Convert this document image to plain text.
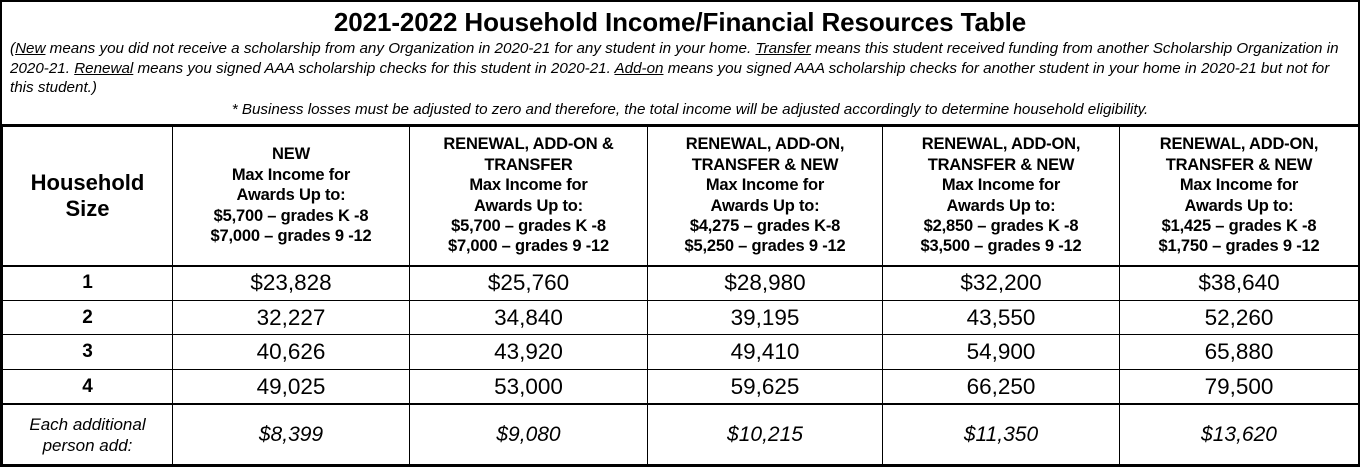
2021-2022 Household Income/Financial Resources Table
(New means you did not receive a scholarship from any Organization in 2020-21 for any student in your home. Transfer means this student received funding from another Scholarship Organization in 2020-21. Renewal means you signed AAA scholarship checks for this student in 2020-21. Add-on means you signed AAA scholarship checks for another student in your home in 2020-21 but not for this student.)
* Business losses must be adjusted to zero and therefore, the total income will be adjusted accordingly to determine household eligibility.
Household
Size

NEW
Max Income for
Awards Up to:
$5,700 – grades K -8
$7,000 – grades 9 -12

RENEWAL, ADD-ON &
TRANSFER
Max Income for
Awards Up to:
$5,700 – grades K -8
$7,000 – grades 9 -12

RENEWAL, ADD-ON,
TRANSFER & NEW
Max Income for
Awards Up to:
$4,275 – grades K-8
$5,250 – grades 9 -12

RENEWAL, ADD-ON,
TRANSFER & NEW
Max Income for
Awards Up to:
$2,850 – grades K -8
$3,500 – grades 9 -12

RENEWAL, ADD-ON,
TRANSFER & NEW
Max Income for
Awards Up to:
$1,425 – grades K -8
$1,750 – grades 9 -12

1	$23,828	$25,760	$28,980	$32,200	$38,640
2	32,227	34,840	39,195	43,550	52,260
3	40,626	43,920	49,410	54,900	65,880
4	49,025	53,000	59,625	66,250	79,500
Each additional
person add:	$8,399	$9,080	$10,215	$11,350	$13,620
